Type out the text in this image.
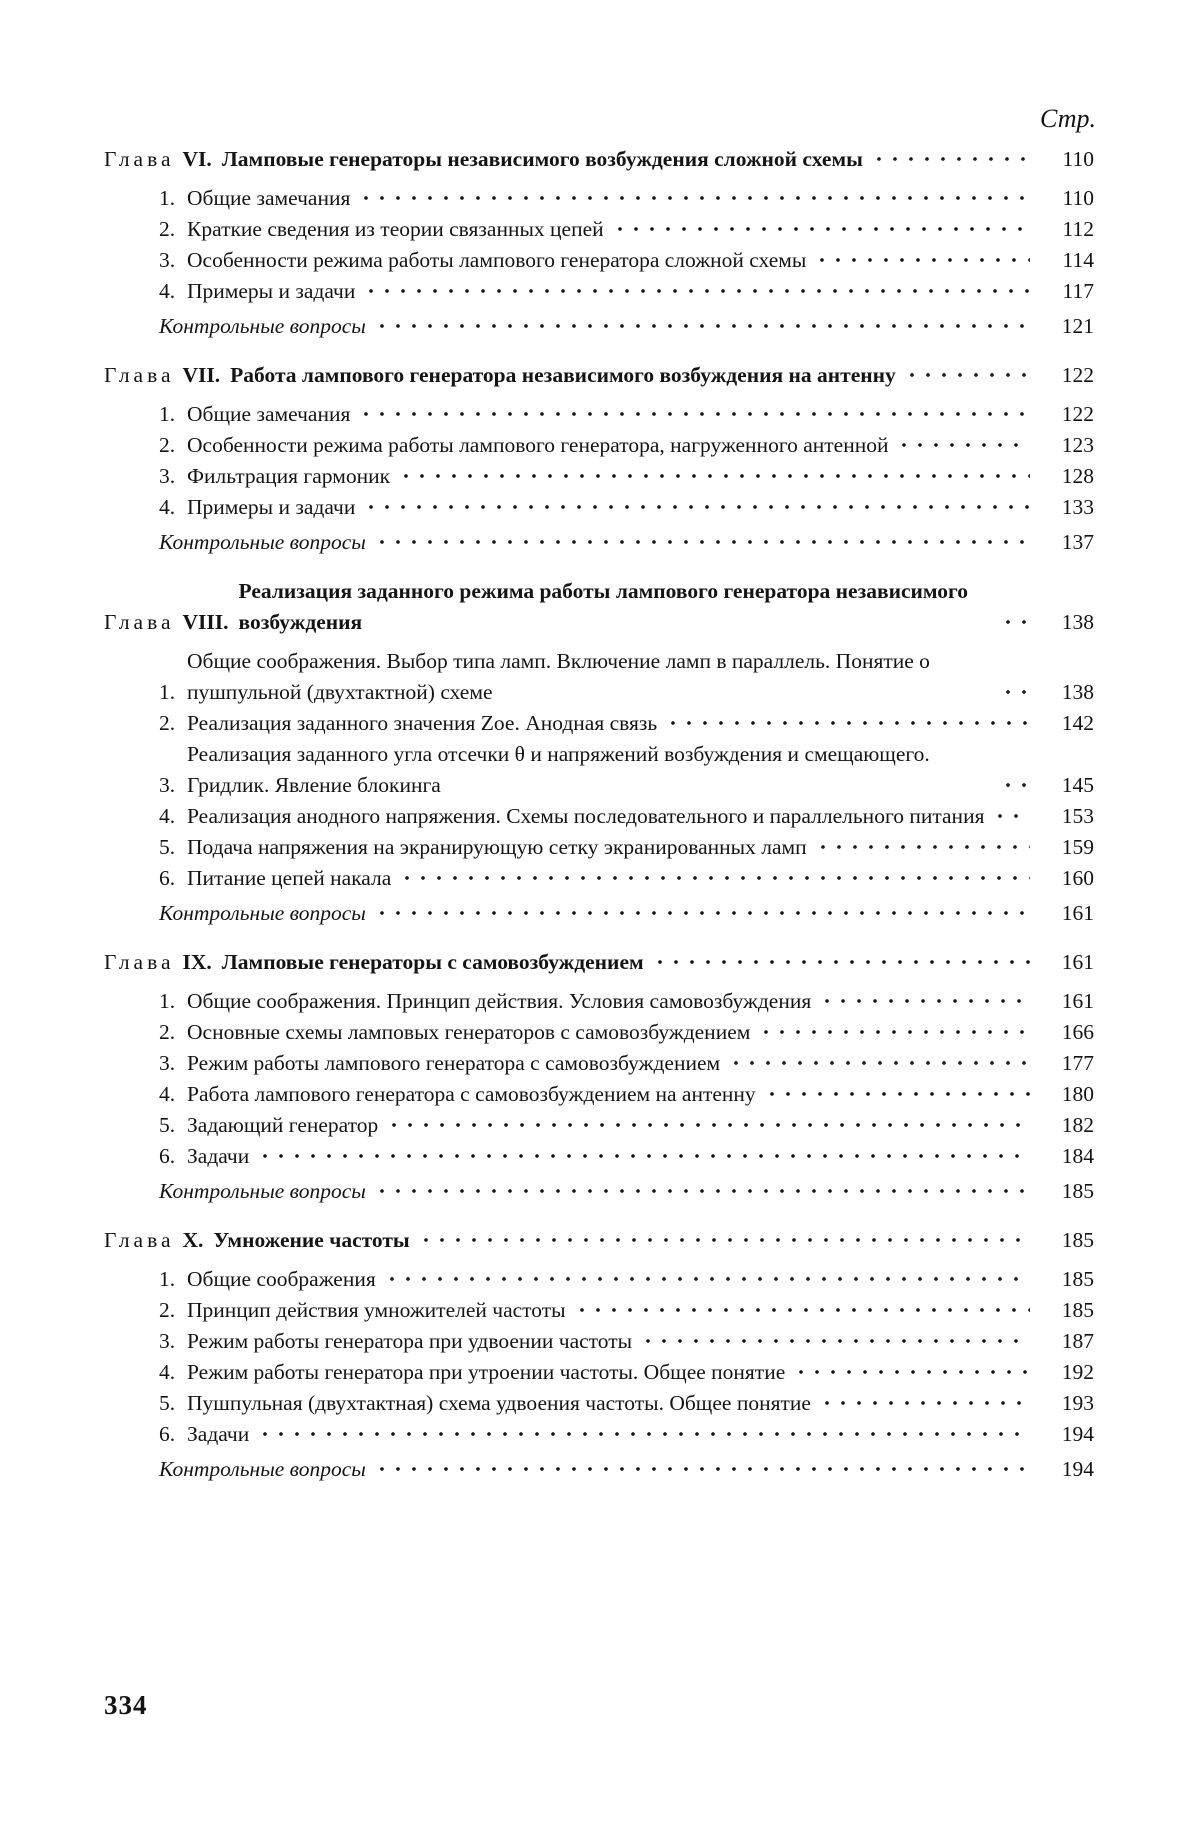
Стр.
Глава VI. Ламповые генераторы независимого возбуждения сложной схемы	110
1. Общие замечания	110
2. Краткие сведения из теории связанных цепей	112
3. Особенности режима работы лампового генератора сложной схемы	114
4. Примеры и задачи	117
Контрольные вопросы	121
Глава VII. Работа лампового генератора независимого возбуждения на антенну	122
1. Общие замечания	122
2. Особенности режима работы лампового генератора, нагруженного антенной	123
3. Фильтрация гармоник	128
4. Примеры и задачи	133
Контрольные вопросы	137
Глава VIII.
Реализация заданного режима работы лампового генератора независимого возбуждения	138
1.
Общие соображения. Выбор типа ламп. Включение ламп в параллель. Понятие о пушпульной (двухтактной) схеме	138
2. Реализация заданного значения Zое. Анодная связь	142
3.
Реализация заданного угла отсечки θ и напряжений возбуждения и смещающего. Гридлик. Явление блокинга	145
4. Реализация анодного напряжения. Схемы последовательного и параллельного питания	153
5. Подача напряжения на экранирующую сетку экранированных ламп	159
6. Питание цепей накала	160
Контрольные вопросы	161
Глава IX. Ламповые генераторы с самовозбуждением	161
1. Общие соображения. Принцип действия. Условия самовозбуждения	161
2. Основные схемы ламповых генераторов с самовозбуждением	166
3. Режим работы лампового генератора с самовозбуждением	177
4. Работа лампового генератора с самовозбуждением на антенну	180
5. Задающий генератор	182
6. Задачи	184
Контрольные вопросы	185
Глава X. Умножение частоты	185
1. Общие соображения	185
2. Принцип действия умножителей частоты	185
3. Режим работы генератора при удвоении частоты	187
4. Режим работы генератора при утроении частоты. Общее понятие	192
5. Пушпульная (двухтактная) схема удвоения частоты. Общее понятие	193
6. Задачи	194
Контрольные вопросы	194
334
